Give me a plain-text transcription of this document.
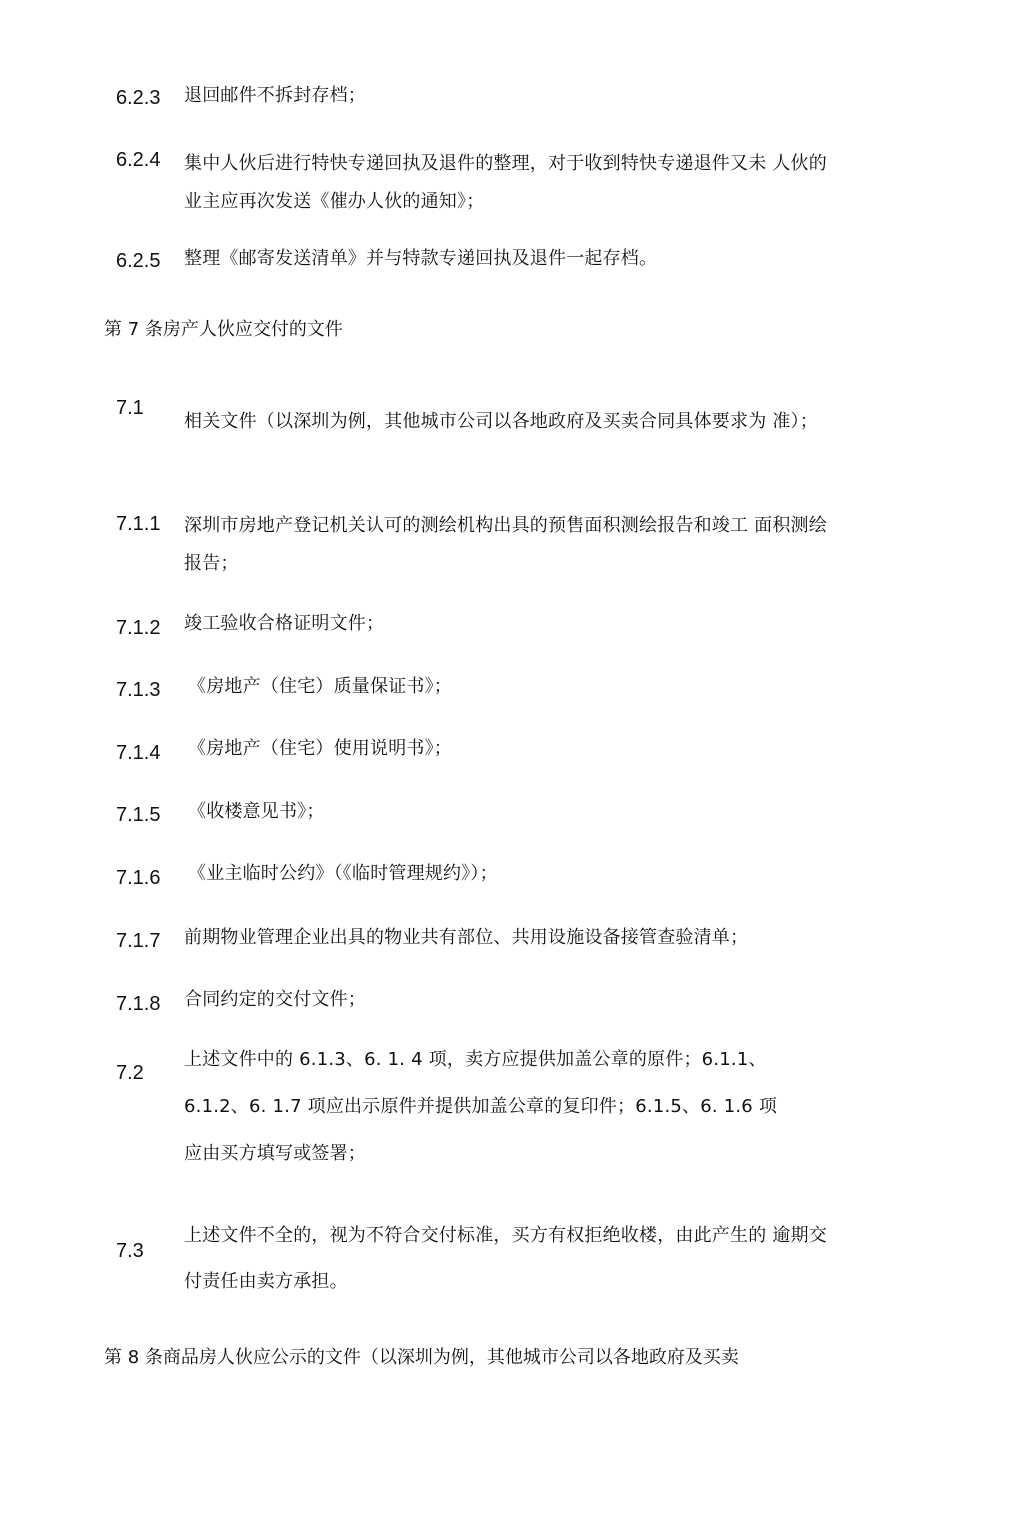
6.2.3 退回邮件不拆封存档；
6.2.4 集中人伙后进行特快专递回执及退件的整理，对于收到特快专递退件又未 人伙的
业主应再次发送《催办人伙的通知》；
6.2.5 整理《邮寄发送清单》并与特款专递回执及退件一起存档。
第 7 条房产人伙应交付的文件
7.1
相关文件（以深圳为例，其他城市公司以各地政府及买卖合同具体要求为 准）；
7.1.1 深圳市房地产登记机关认可的测绘机构出具的预售面积测绘报告和竣工 面积测绘
报告；
7.1.2 竣工验收合格证明文件；
7.1.3 《房地产（住宅）质量保证书》；
7.1.4 《房地产（住宅）使用说明书》；
7.1.5 《收楼意见书》；
7.1.6 《业主临时公约》（《临时管理规约》）；
7.1.7 前期物业管理企业出具的物业共有部位、共用设施设备接管查验清单；
7.1.8 合同约定的交付文件；
7.2
上述文件中的 6.1.3、6. 1. 4 项，卖方应提供加盖公章的原件；6.1.1、
6.1.2、6. 1.7 项应出示原件并提供加盖公章的复印件；6.1.5、6. 1.6 项
应由买方填写或签署；
7.3
上述文件不全的，视为不符合交付标准，买方有权拒绝收楼，由此产生的 逾期交
付责任由卖方承担。
第 8 条商品房人伙应公示的文件（以深圳为例，其他城市公司以各地政府及买卖
